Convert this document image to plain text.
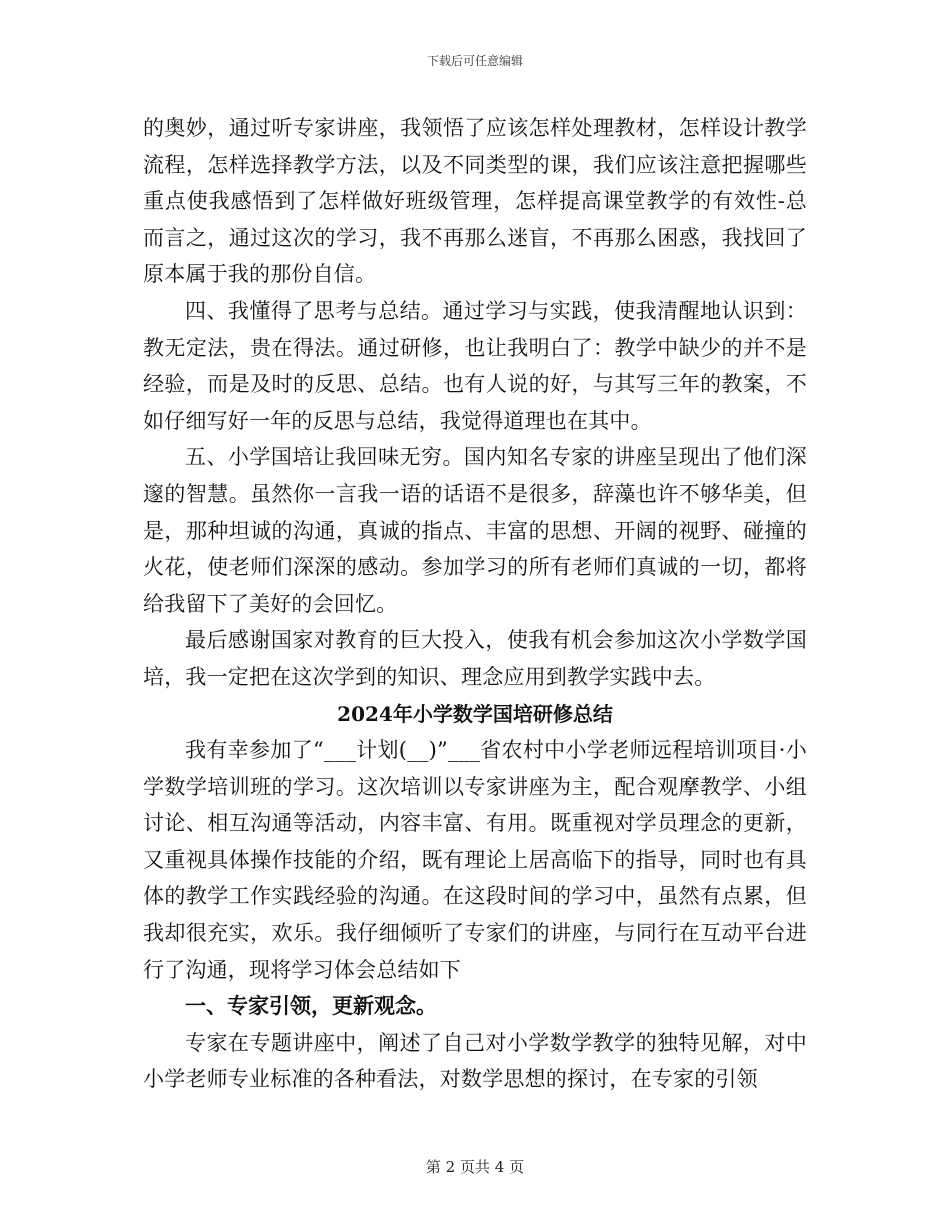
下载后可任意编辑

的奥妙，通过听专家讲座，我领悟了应该怎样处理教材，怎样设计教学流程，怎样选择教学方法，以及不同类型的课，我们应该注意把握哪些重点使我感悟到了怎样做好班级管理，怎样提高课堂教学的有效性-总而言之，通过这次的学习，我不再那么迷盲，不再那么困惑，我找回了原本属于我的那份自信。

四、我懂得了思考与总结。通过学习与实践，使我清醒地认识到：教无定法，贵在得法。通过研修，也让我明白了：教学中缺少的并不是经验，而是及时的反思、总结。也有人说的好，与其写三年的教案，不如仔细写好一年的反思与总结，我觉得道理也在其中。

五、小学国培让我回味无穷。国内知名专家的讲座呈现出了他们深邃的智慧。虽然你一言我一语的话语不是很多，辞藻也许不够华美，但是，那种坦诚的沟通，真诚的指点、丰富的思想、开阔的视野、碰撞的火花，使老师们深深的感动。参加学习的所有老师们真诚的一切，都将给我留下了美好的会回忆。

最后感谢国家对教育的巨大投入，使我有机会参加这次小学数学国培，我一定把在这次学到的知识、理念应用到教学实践中去。

2024年小学数学国培研修总结

我有幸参加了“___计划(__)”___省农村中小学老师远程培训项目·小学数学培训班的学习。这次培训以专家讲座为主，配合观摩教学、小组讨论、相互沟通等活动，内容丰富、有用。既重视对学员理念的更新，又重视具体操作技能的介绍，既有理论上居高临下的指导，同时也有具体的教学工作实践经验的沟通。在这段时间的学习中，虽然有点累，但我却很充实，欢乐。我仔细倾听了专家们的讲座，与同行在互动平台进行了沟通，现将学习体会总结如下

一、专家引领，更新观念。

专家在专题讲座中，阐述了自己对小学数学教学的独特见解，对中小学老师专业标准的各种看法，对数学思想的探讨，在专家的引领

第 2 页共 4 页
